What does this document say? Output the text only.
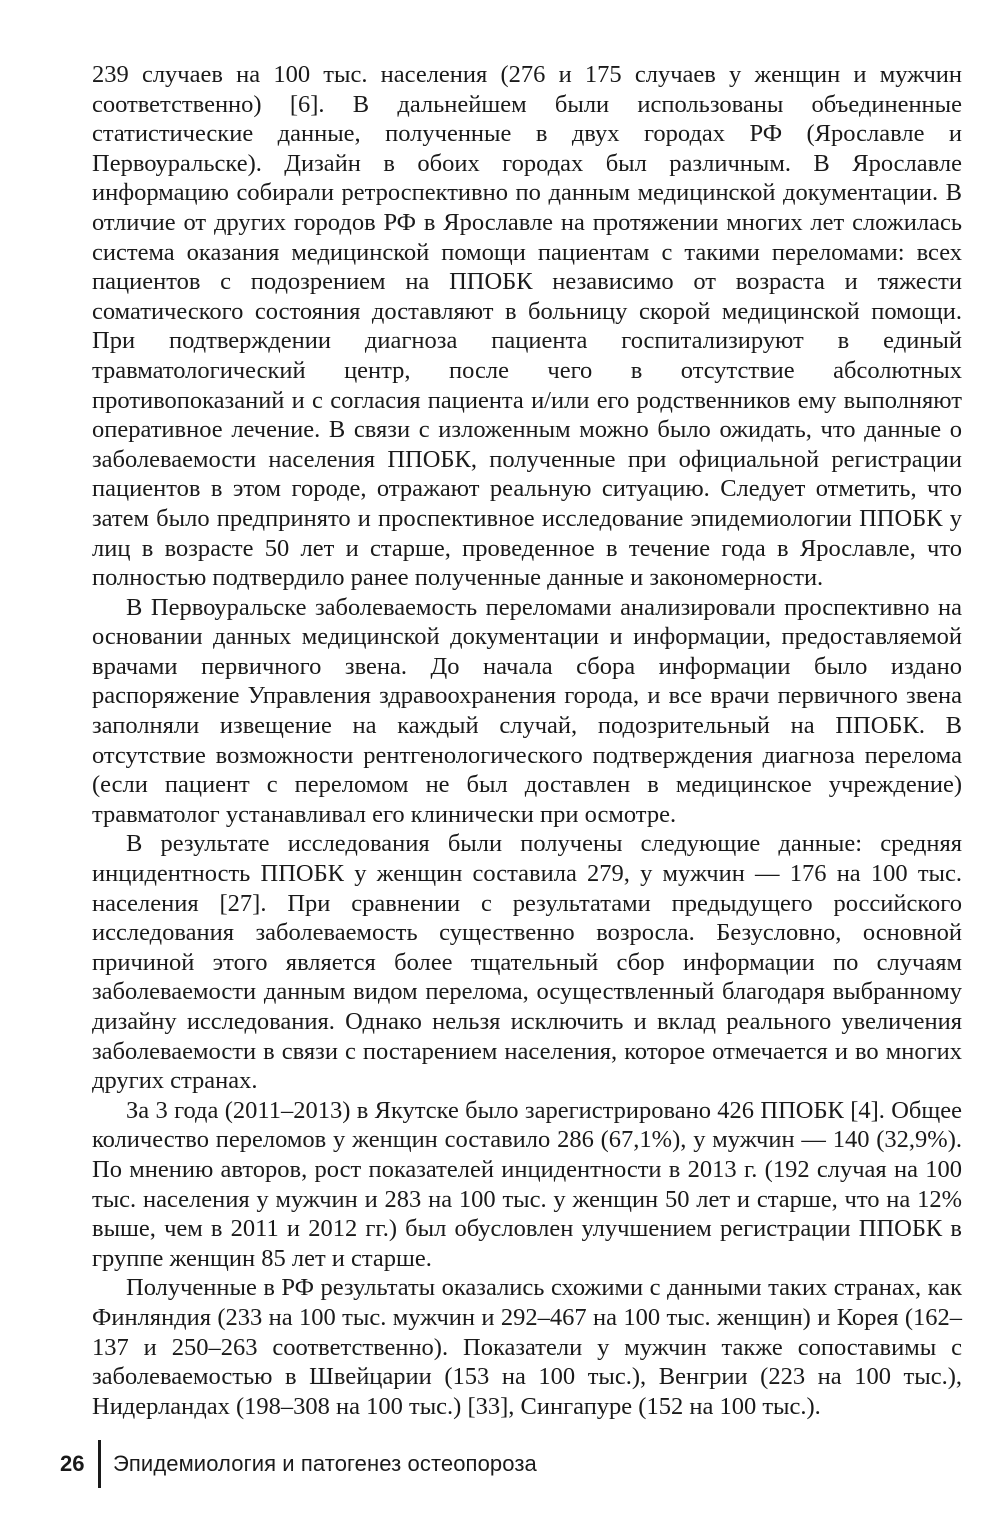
239 случаев на 100 тыс. населения (276 и 175 случаев у женщин и мужчин соответственно) [6]. В дальнейшем были использованы объединенные статистические данные, полученные в двух городах РФ (Ярославле и Первоуральске). Дизайн в обоих городах был различным. В Ярославле информацию собирали ретроспективно по данным медицинской документации. В отличие от других городов РФ в Ярославле на протяжении многих лет сложилась система оказания медицинской помощи пациентам с такими переломами: всех пациентов с подозрением на ППОБК независимо от возраста и тяжести соматического состояния доставляют в больницу скорой медицинской помощи. При подтверждении диагноза пациента госпитализируют в единый травматологический центр, после чего в отсутствие абсолютных противопоказаний и с согласия пациента и/или его родственников ему выполняют оперативное лечение. В связи с изложенным можно было ожидать, что данные о заболеваемости населения ППОБК, полученные при официальной регистрации пациентов в этом городе, отражают реальную ситуацию. Следует отметить, что затем было предпринято и проспективное исследование эпидемиологии ППОБК у лиц в возрасте 50 лет и старше, проведенное в течение года в Ярославле, что полностью подтвердило ранее полученные данные и закономерности.

В Первоуральске заболеваемость переломами анализировали проспективно на основании данных медицинской документации и информации, предоставляемой врачами первичного звена. До начала сбора информации было издано распоряжение Управления здравоохранения города, и все врачи первичного звена заполняли извещение на каждый случай, подозрительный на ППОБК. В отсутствие возможности рентгенологического подтверждения диагноза перелома (если пациент с переломом не был доставлен в медицинское учреждение) травматолог устанавливал его клинически при осмотре.

В результате исследования были получены следующие данные: средняя инцидентность ППОБК у женщин составила 279, у мужчин — 176 на 100 тыс. населения [27]. При сравнении с результатами предыдущего российского исследования заболеваемость существенно возросла. Безусловно, основной причиной этого является более тщательный сбор информации по случаям заболеваемости данным видом перелома, осуществленный благодаря выбранному дизайну исследования. Однако нельзя исключить и вклад реального увеличения заболеваемости в связи с постарением населения, которое отмечается и во многих других странах.

За 3 года (2011–2013) в Якутске было зарегистрировано 426 ППОБК [4]. Общее количество переломов у женщин составило 286 (67,1%), у мужчин — 140 (32,9%). По мнению авторов, рост показателей инцидентности в 2013 г. (192 случая на 100 тыс. населения у мужчин и 283 на 100 тыс. у женщин 50 лет и старше, что на 12% выше, чем в 2011 и 2012 гг.) был обусловлен улучшением регистрации ППОБК в группе женщин 85 лет и старше.

Полученные в РФ результаты оказались схожими с данными таких странах, как Финляндия (233 на 100 тыс. мужчин и 292–467 на 100 тыс. женщин) и Корея (162–137 и 250–263 соответственно). Показатели у мужчин также сопоставимы с заболеваемостью в Швейцарии (153 на 100 тыс.), Венгрии (223 на 100 тыс.), Нидерландах (198–308 на 100 тыс.) [33], Сингапуре (152 на 100 тыс.).

26 Эпидемиология и патогенез остеопороза
